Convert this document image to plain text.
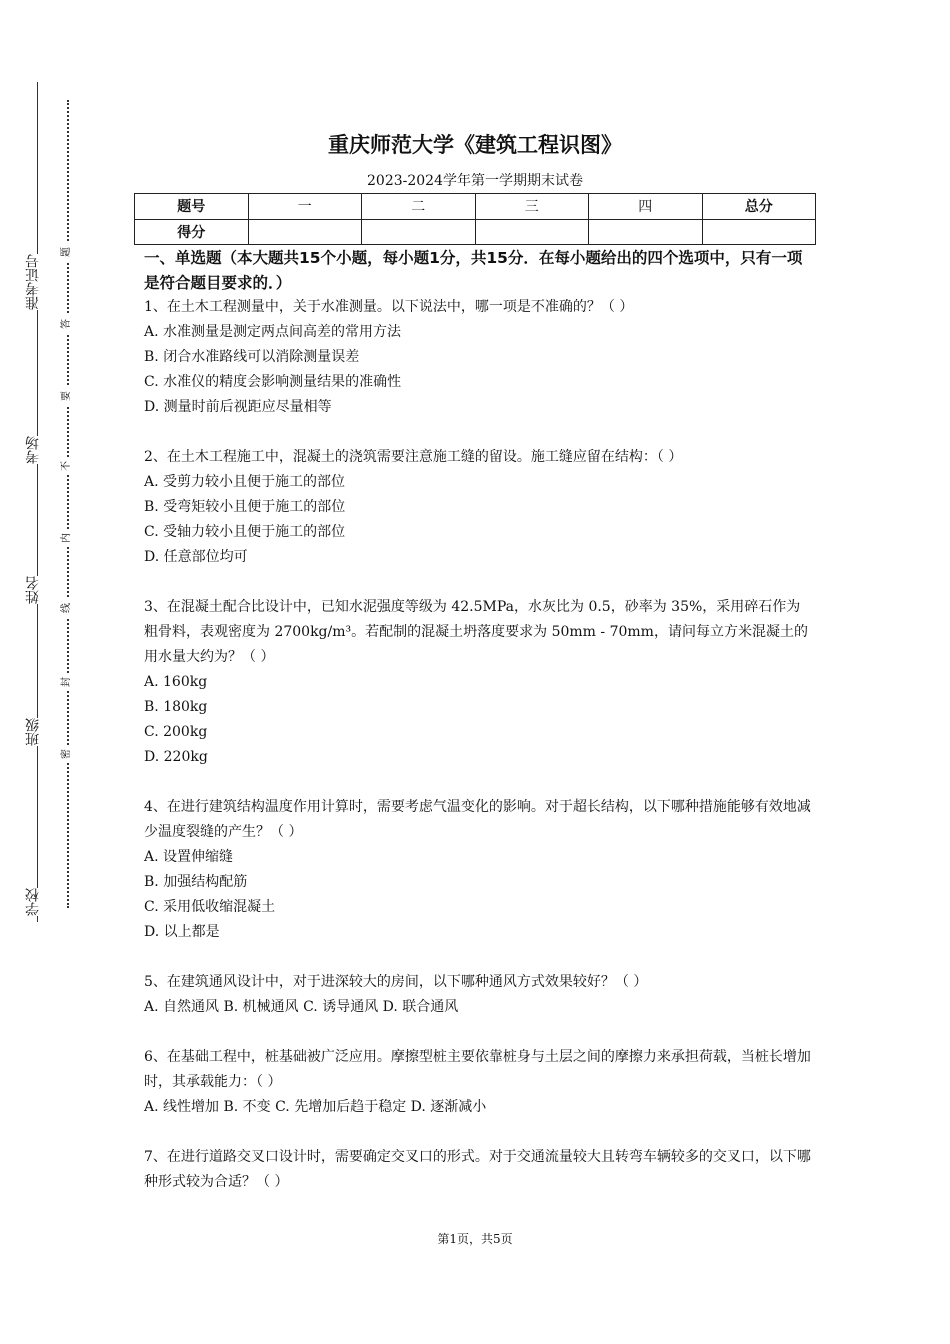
准考证号
考场
姓名
班级
学校
题
答
要
不
内
线
封
密
重庆师范大学《建筑工程识图》
2023-2024学年第一学期期末试卷
题号	一	二	三	四	总分
得分					
一、单选题（本大题共15个小题，每小题1分，共15分．在每小题给出的四个选项中，只有一项是符合题目要求的．）

1、在土木工程测量中，关于水准测量。以下说法中，哪一项是不准确的？（ ）

A. 水准测量是测定两点间高差的常用方法

B. 闭合水准路线可以消除测量误差

C. 水准仪的精度会影响测量结果的准确性

D. 测量时前后视距应尽量相等

2、在土木工程施工中，混凝土的浇筑需要注意施工缝的留设。施工缝应留在结构：（ ）

A. 受剪力较小且便于施工的部位

B. 受弯矩较小且便于施工的部位

C. 受轴力较小且便于施工的部位

D. 任意部位均可

3、在混凝土配合比设计中，已知水泥强度等级为 42.5MPa，水灰比为 0.5，砂率为 35%，采用碎石作为粗骨料，表观密度为 2700kg/m³。若配制的混凝土坍落度要求为 50mm - 70mm，请问每立方米混凝土的用水量大约为？（ ）

A. 160kg

B. 180kg

C. 200kg

D. 220kg

4、在进行建筑结构温度作用计算时，需要考虑气温变化的影响。对于超长结构，以下哪种措施能够有效地减少温度裂缝的产生？（ ）

A. 设置伸缩缝

B. 加强结构配筋

C. 采用低收缩混凝土

D. 以上都是

5、在建筑通风设计中，对于进深较大的房间，以下哪种通风方式效果较好？（ ）

A. 自然通风 B. 机械通风 C. 诱导通风 D. 联合通风

6、在基础工程中，桩基础被广泛应用。摩擦型桩主要依靠桩身与土层之间的摩擦力来承担荷载，当桩长增加时，其承载能力：（ ）

A. 线性增加 B. 不变 C. 先增加后趋于稳定 D. 逐渐减小

7、在进行道路交叉口设计时，需要确定交叉口的形式。对于交通流量较大且转弯车辆较多的交叉口，以下哪种形式较为合适？（ ）

第1页，共5页
